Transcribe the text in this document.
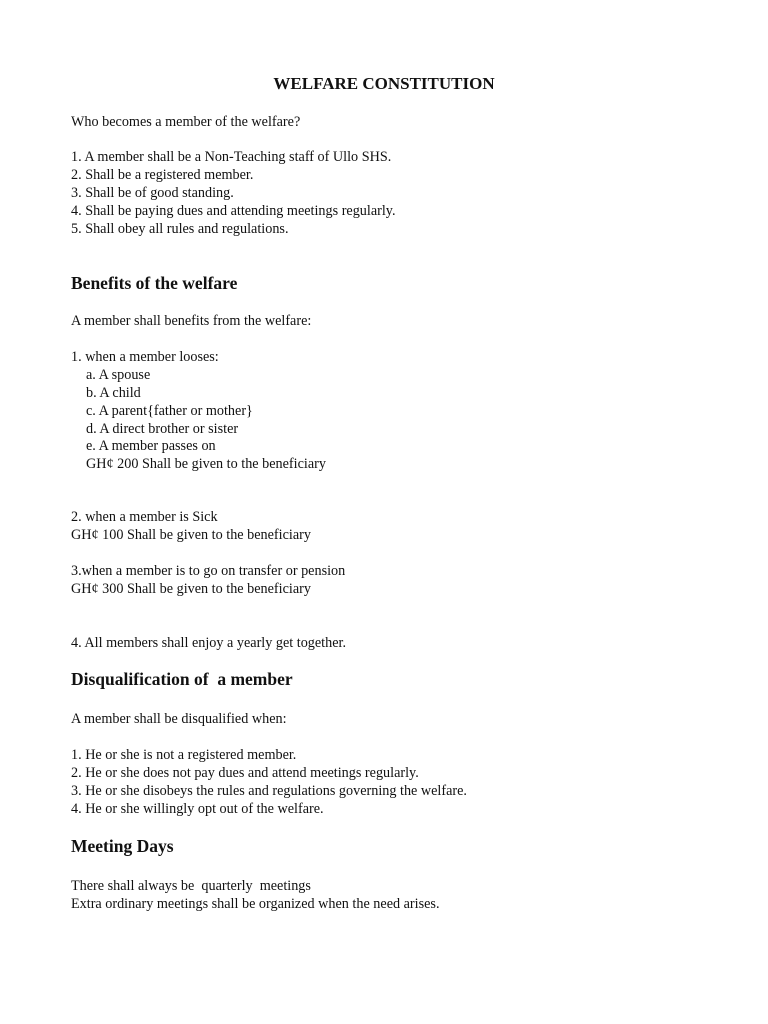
WELFARE CONSTITUTION
Who becomes a member of the welfare?
1. A member shall be a Non-Teaching staff of Ullo SHS.
2. Shall be a registered member.
3. Shall be of good standing.
4. Shall be paying dues and attending meetings regularly.
5. Shall obey all rules and regulations.
Benefits of the welfare
A member shall benefits from the welfare:
1. when a member looses:
a. A spouse
b. A child
c. A parent{father or mother}
d. A direct brother or sister
e. A member passes on
GH¢ 200 Shall be given to the beneficiary
2. when a member is Sick
GH¢ 100 Shall be given to the beneficiary
3.when a member is to go on transfer or pension
GH¢ 300 Shall be given to the beneficiary
4. All members shall enjoy a yearly get together.
Disqualification of  a member
A member shall be disqualified when:
1. He or she is not a registered member.
2. He or she does not pay dues and attend meetings regularly.
3. He or she disobeys the rules and regulations governing the welfare.
4. He or she willingly opt out of the welfare.
Meeting Days
There shall always be  quarterly  meetings
Extra ordinary meetings shall be organized when the need arises.
